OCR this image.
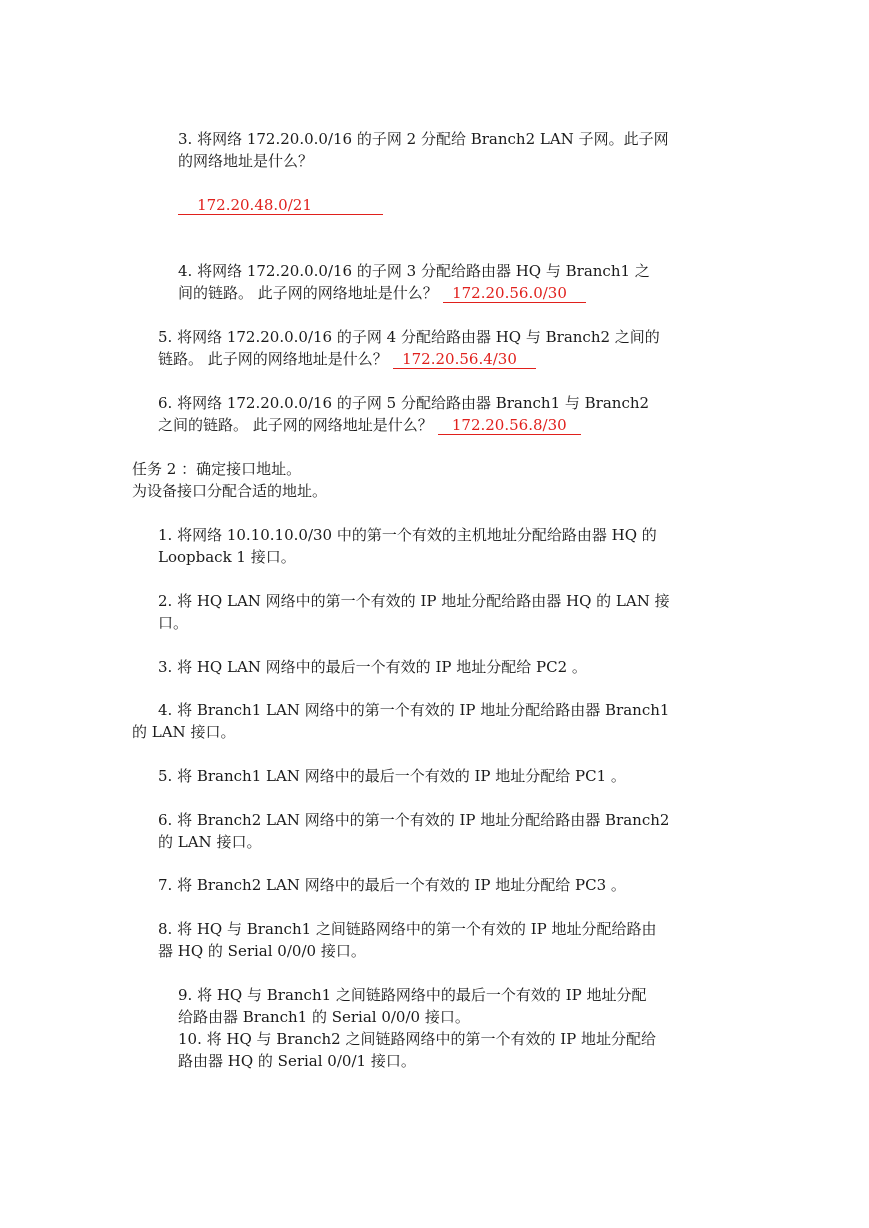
3. 将网络 172.20.0.0/16 的子网 2 分配给 Branch2 LAN 子网。此子网
的网络地址是什么？
172.20.48.0/21
4. 将网络 172.20.0.0/16 的子网 3 分配给路由器 HQ 与 Branch1 之
间的链路。 此子网的网络地址是什么？   172.20.56.0/30
5. 将网络 172.20.0.0/16 的子网 4 分配给路由器 HQ 与 Branch2 之间的
链路。 此子网的网络地址是什么？   172.20.56.4/30
6. 将网络 172.20.0.0/16 的子网 5 分配给路由器 Branch1 与 Branch2
之间的链路。 此子网的网络地址是什么？    172.20.56.8/30
任务 2 ：确定接口地址。
为设备接口分配合适的地址。
1. 将网络 10.10.10.0/30 中的第一个有效的主机地址分配给路由器 HQ 的
Loopback 1 接口。
2. 将 HQ LAN 网络中的第一个有效的 IP 地址分配给路由器 HQ 的 LAN 接
口。
3. 将 HQ LAN 网络中的最后一个有效的 IP 地址分配给 PC2 。
4. 将 Branch1 LAN 网络中的第一个有效的 IP 地址分配给路由器 Branch1
的 LAN 接口。
5. 将 Branch1 LAN 网络中的最后一个有效的 IP 地址分配给 PC1 。
6. 将 Branch2 LAN 网络中的第一个有效的 IP 地址分配给路由器 Branch2
的 LAN 接口。
7. 将 Branch2 LAN 网络中的最后一个有效的 IP 地址分配给 PC3 。
8. 将 HQ 与 Branch1 之间链路网络中的第一个有效的 IP 地址分配给路由
器 HQ 的 Serial 0/0/0 接口。
9. 将 HQ 与 Branch1 之间链路网络中的最后一个有效的 IP 地址分配
给路由器 Branch1 的 Serial 0/0/0 接口。
10. 将 HQ 与 Branch2 之间链路网络中的第一个有效的 IP 地址分配给
路由器 HQ 的 Serial 0/0/1 接口。
